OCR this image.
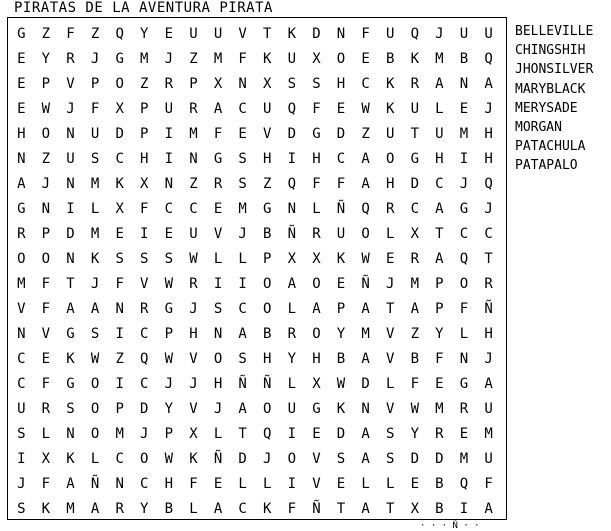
PIRATAS DE LA AVENTURA PIRATA
G	Z	F	Z	Q	Y	E	U	U	V	T	K	D	N	F	U	Q	J	U	U
E	Y	R	J	G	M	J	Z	M	F	K	U	X	O	E	B	K	M	B	Q
E	P	V	P	O	Z	R	P	X	N	X	S	S	H	C	K	R	A	N	A
E	W	J	F	X	P	U	R	A	C	U	Q	F	E	W	K	U	L	E	J
H	O	N	U	D	P	I	M	F	E	V	D	G	D	Z	U	T	U	M	H
N	Z	U	S	C	H	I	N	G	S	H	I	H	C	A	O	G	H	I	H
A	J	N	M	K	X	N	Z	R	S	Z	Q	F	F	A	H	D	C	J	Q
G	N	I	L	X	F	C	C	E	M	G	N	L	Ñ	Q	R	C	A	G	J
R	P	D	M	E	I	E	U	V	J	B	Ñ	R	U	O	L	X	T	C	C
O	O	N	K	S	S	S	W	L	L	P	X	X	K	W	E	R	A	Q	T
M	F	T	J	F	V	W	R	I	I	O	A	O	E	Ñ	J	M	P	O	R
V	F	A	A	N	R	G	J	S	C	O	L	A	P	A	T	A	P	F	Ñ
N	V	G	S	I	C	P	H	N	A	B	R	O	Y	M	V	Z	Y	L	H
C	E	K	W	Z	Q	W	V	O	S	H	Y	H	B	A	V	B	F	N	J
C	F	G	O	I	C	J	J	H	Ñ	Ñ	L	X	W	D	L	F	E	G	A
U	R	S	O	P	D	Y	V	J	A	O	U	G	K	N	V	W	M	R	U
S	L	N	O	M	J	P	X	L	T	Q	I	E	D	A	S	Y	R	E	M
I	X	K	L	C	O	W	K	Ñ	D	J	O	V	S	A	S	D	D	M	U
J	F	A	Ñ	N	C	H	F	E	L	L	I	V	E	L	L	E	B	Q	F
S	K	M	A	R	Y	B	L	A	C	K	F	Ñ	T	A	T	X	B	I	A
BELLEVILLE
CHINGSHIH
JHONSILVER
MARYBLACK
MERYSADE
MORGAN
PATACHULA
PATAPALO
· · · Ñ · ·
